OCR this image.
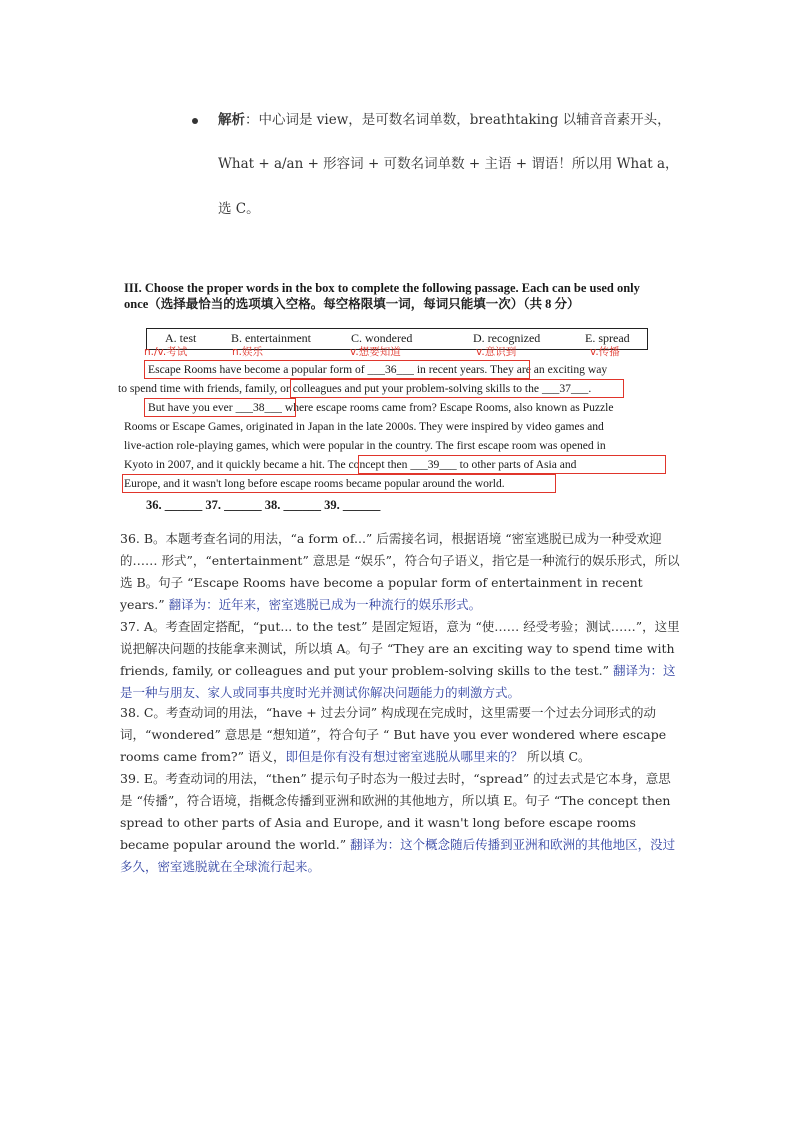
解析：中心词是 view，是可数名词单数，breathtaking 以辅音音素开头，
What + a/an + 形容词 + 可数名词单数 + 主语 + 谓语！所以用 What a，
选 C。
III. Choose the proper words in the box to complete the following passage. Each can be used only
once（选择最恰当的选项填入空格。每空格限填一词，每词只能填一次）（共 8 分）
A. test	B. entertainment	C. wondered	D. recognized	E. spread
n./v.考试	n.娱乐	v.想要知道	v.意识到	v.传播
Escape Rooms have become a popular form of ___36___ in recent years. They are an exciting way
to spend time with friends, family, or colleagues and put your problem-solving skills to the ___37___.
But have you ever ___38___ where escape rooms came from? Escape Rooms, also known as Puzzle
Rooms or Escape Games, originated in Japan in the late 2000s. They were inspired by video games and
live-action role-playing games, which were popular in the country. The first escape room was opened in
Kyoto in 2007, and it quickly became a hit. The concept then ___39___ to other parts of Asia and
Europe, and it wasn't long before escape rooms became popular around the world.
36. ______ 37. ______ 38. ______ 39. ______

36. B。本题考查名词的用法，“a form of...” 后需接名词，根据语境 “密室逃脱已成为一种受欢迎的…… 形式”，“entertainment” 意思是 “娱乐”，符合句子语义，指它是一种流行的娱乐形式，所以选 B。句子 “Escape Rooms have become a popular form of entertainment in recent years.” 翻译为：近年来，密室逃脱已成为一种流行的娱乐形式。

37. A。考查固定搭配，“put... to the test” 是固定短语，意为 “使…… 经受考验；测试……”，这里说把解决问题的技能拿来测试，所以填 A。句子 “They are an exciting way to spend time with friends, family, or colleagues and put your problem-solving skills to the test.” 翻译为：这是一种与朋友、家人或同事共度时光并测试你解决问题能力的刺激方式。

38. C。考查动词的用法，“have + 过去分词” 构成现在完成时，这里需要一个过去分词形式的动词，“wondered” 意思是 “想知道”，符合句子 “ But have you ever wondered where escape rooms came from?” 语义，即但是你有没有想过密室逃脱从哪里来的？ 所以填 C。

39. E。考查动词的用法，“then” 提示句子时态为一般过去时，“spread” 的过去式是它本身，意思是 “传播”，符合语境，指概念传播到亚洲和欧洲的其他地方，所以填 E。句子 “The concept then spread to other parts of Asia and Europe, and it wasn't long before escape rooms became popular around the world.” 翻译为：这个概念随后传播到亚洲和欧洲的其他地区，没过多久，密室逃脱就在全球流行起来。
